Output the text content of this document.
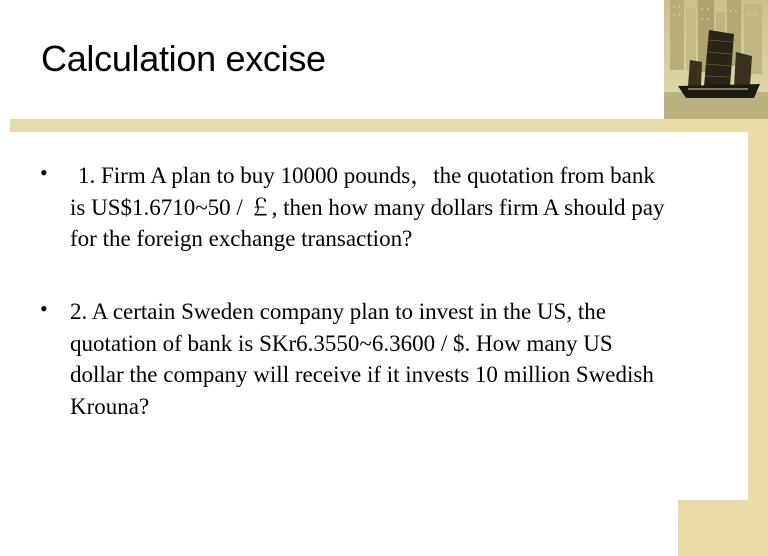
Calculation excise
•	1. Firm A plan to buy 10000 pounds，the quotation from bank
is US$1.6710~50 / ￡, then how many dollars firm A should pay
for the foreign exchange transaction?
• 2. A certain Sweden company plan to invest in the US, the
quotation of bank is SKr6.3550~6.3600 / $. How many US
dollar the company will receive if it invests 10 million Swedish
Krouna?
